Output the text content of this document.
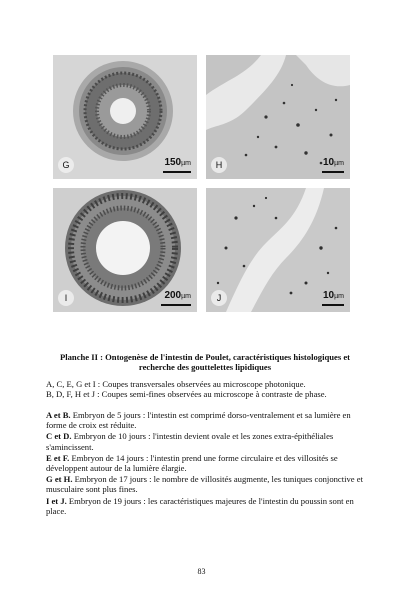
G	150µm	H	10µm
I	200µm	J	10µm
Planche II : Ontogenèse de l'intestin de Poulet, caractéristiques histologiques et recherche des gouttelettes lipidiques

A, C, E, G et I : Coupes transversales observées au microscope photonique.

B, D, F, H et J : Coupes semi-fines observées au microscope à contraste de phase.

A et B. Embryon de 5 jours : l'intestin est comprimé dorso-ventralement et sa lumière en forme de croix est réduite.

C et D. Embryon de 10 jours : l'intestin devient ovale et les zones extra-épithéliales s'amincissent.

E et F. Embryon de 14 jours : l'intestin prend une forme circulaire et des villosités se développent autour de la lumière élargie.

G et H. Embryon de 17 jours : le nombre de villosités augmente, les tuniques conjonctive et musculaire sont plus fines.

I et J. Embryon de 19 jours : les caractéristiques majeures de l'intestin du poussin sont en place.

83
